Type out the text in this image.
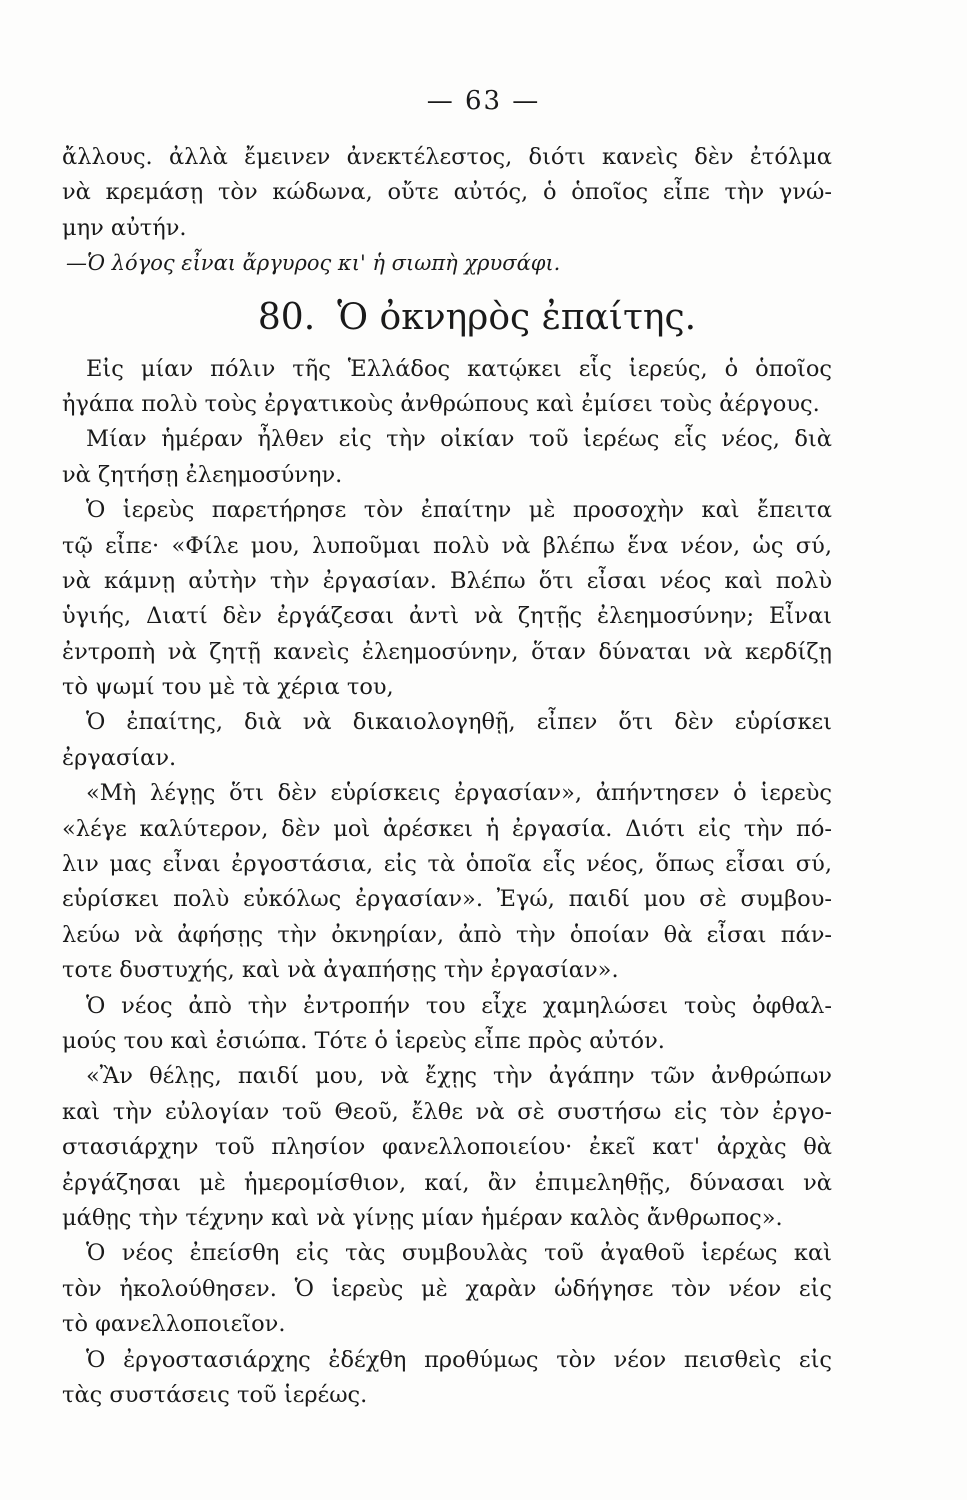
— 63 —
ἄλλους. ἀλλὰ ἔμεινεν ἀνεκτέλεστος, διότι κανεὶς δὲν ἐτόλμα
νὰ κρεμάσῃ τὸν κώδωνα, οὔτε αὐτός, ὁ ὁποῖος εἶπε τὴν γνώ-
μην αὐτήν.
—Ὁ λόγος εἶναι ἄργυρος κι' ἡ σιωπὴ χρυσάφι.
80. Ὁ ὀκνηρὸς ἐπαίτης.
Εἰς μίαν πόλιν τῆς Ἑλλάδος κατῴκει εἷς ἱερεύς, ὁ ὁποῖος
ἠγάπα πολὺ τοὺς ἐργατικοὺς ἀνθρώπους καὶ ἐμίσει τοὺς ἀέργους.
Μίαν ἡμέραν ἦλθεν εἰς τὴν οἰκίαν τοῦ ἱερέως εἷς νέος, διὰ
νὰ ζητήσῃ ἐλεημοσύνην.
Ὁ ἱερεὺς παρετήρησε τὸν ἐπαίτην μὲ προσοχὴν καὶ ἔπειτα
τῷ εἶπε· «Φίλε μου, λυποῦμαι πολὺ νὰ βλέπω ἕνα νέον, ὡς σύ,
νὰ κάμνῃ αὐτὴν τὴν ἐργασίαν. Βλέπω ὅτι εἶσαι νέος καὶ πολὺ
ὑγιής, Διατί δὲν ἐργάζεσαι ἀντὶ νὰ ζητῇς ἐλεημοσύνην; Εἶναι
ἐντροπὴ νὰ ζητῇ κανεὶς ἐλεημοσύνην, ὅταν δύναται νὰ κερδίζῃ
τὸ ψωμί του μὲ τὰ χέρια του,
Ὁ ἐπαίτης, διὰ νὰ δικαιολογηθῇ, εἶπεν ὅτι δὲν εὑρίσκει
ἐργασίαν.
«Μὴ λέγῃς ὅτι δὲν εὑρίσκεις ἐργασίαν», ἀπήντησεν ὁ ἱερεὺς
«λέγε καλύτερον, δὲν μοὶ ἀρέσκει ἡ ἐργασία. Διότι εἰς τὴν πό-
λιν μας εἶναι ἐργοστάσια, εἰς τὰ ὁποῖα εἷς νέος, ὅπως εἶσαι σύ,
εὑρίσκει πολὺ εὐκόλως ἐργασίαν». Ἐγώ, παιδί μου σὲ συμβου-
λεύω νὰ ἀφήσῃς τὴν ὀκνηρίαν, ἀπὸ τὴν ὁποίαν θὰ εἶσαι πάν-
τοτε δυστυχής, καὶ νὰ ἀγαπήσῃς τὴν ἐργασίαν».
Ὁ νέος ἀπὸ τὴν ἐντροπήν του εἶχε χαμηλώσει τοὺς ὀφθαλ-
μούς του καὶ ἐσιώπα. Τότε ὁ ἱερεὺς εἶπε πρὸς αὐτόν.
«Ἂν θέλῃς, παιδί μου, νὰ ἔχῃς τὴν ἀγάπην τῶν ἀνθρώπων
καὶ τὴν εὐλογίαν τοῦ Θεοῦ, ἔλθε νὰ σὲ συστήσω εἰς τὸν ἐργο-
στασιάρχην τοῦ πλησίον φανελλοποιείου· ἐκεῖ κατ' ἀρχὰς θὰ
ἐργάζησαι μὲ ἡμερομίσθιον, καί, ἂν ἐπιμεληθῇς, δύνασαι νὰ
μάθῃς τὴν τέχνην καὶ νὰ γίνῃς μίαν ἡμέραν καλὸς ἄνθρωπος».
Ὁ νέος ἐπείσθη εἰς τὰς συμβουλὰς τοῦ ἀγαθοῦ ἱερέως καὶ
τὸν ἠκολούθησεν. Ὁ ἱερεὺς μὲ χαρὰν ὡδήγησε τὸν νέον εἰς
τὸ φανελλοποιεῖον.
Ὁ ἐργοστασιάρχης ἐδέχθη προθύμως τὸν νέον πεισθεὶς εἰς
τὰς συστάσεις τοῦ ἱερέως.
